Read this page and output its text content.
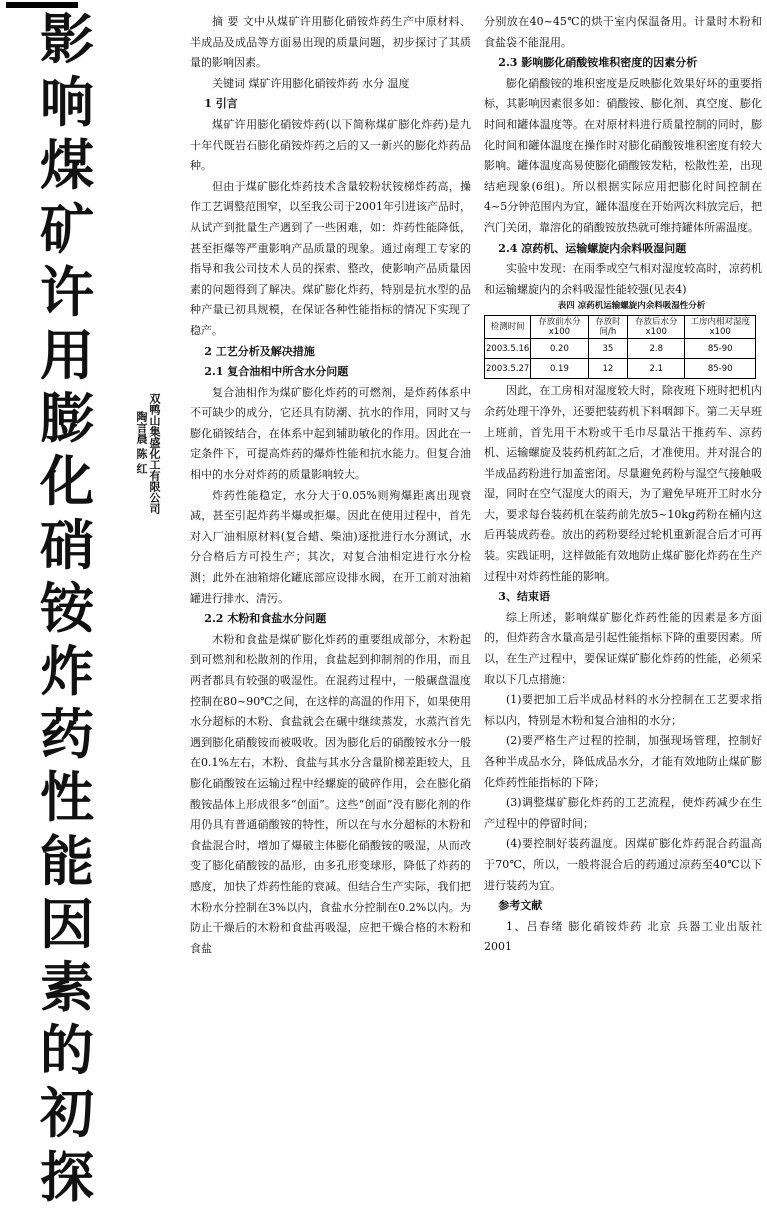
影
响
煤
矿
许
用
膨
化
硝
铵
炸
药
性
能
因
素
的
初
探
双鸭山集盛化工有限公司
陶言晨 陈 红

摘 要 文中从煤矿许用膨化硝铵炸药生产中原材料、半成品及成品等方面易出现的质量问题，初步探讨了其质量的影响因素。

关键词 煤矿许用膨化硝铵炸药 水分 温度

1 引言

煤矿许用膨化硝铵炸药(以下简称煤矿膨化炸药)是九十年代既岩石膨化硝铵炸药之后的又一新兴的膨化炸药品种。

但由于煤矿膨化炸药技术含量较粉状铵梯炸药高，操作工艺调整范围窄，以至我公司于2001年引进该产品时，从试产到批量生产遇到了一些困难，如：炸药性能降低，甚至拒爆等严重影响产品质量的现象。通过南理工专家的指导和我公司技术人员的探索、整改，使影响产品质量因素的问题得到了解决。煤矿膨化炸药，特别是抗水型的品种产量已初具规模，在保证各种性能指标的情况下实现了稳产。

2 工艺分析及解决措施

2.1 复合油相中所含水分问题

复合油相作为煤矿膨化炸药的可燃剂，是炸药体系中不可缺少的成分，它还具有防潮、抗水的作用，同时又与膨化硝铵结合，在体系中起到辅助敏化的作用。因此在一定条件下，可提高炸药的爆炸性能和抗水能力。但复合油相中的水分对炸药的质量影响较大。

炸药性能稳定，水分大于0.05%则殉爆距离出现衰减，甚至引起炸药半爆或拒爆。因此在使用过程中，首先对入厂油相原材料(复合蜡、柴油)逐批进行水分测试，水分合格后方可投生产；其次，对复合油相定进行水分检测；此外在油箱熔化罐底部应设排水阀，在开工前对油箱罐进行排水、清污。

2.2 木粉和食盐水分问题

木粉和食盐是煤矿膨化炸药的重要组成部分，木粉起到可燃剂和松散剂的作用，食盐起到抑制剂的作用，而且两者都具有较强的吸湿性。在混药过程中，一般碾盘温度控制在80~90℃之间，在这样的高温的作用下，如果使用水分超标的木粉、食盐就会在碾中继续蒸发，水蒸汽首先遇到膨化硝酸铵而被吸收。因为膨化后的硝酸铵水分一般在0.1%左右，木粉、食盐与其水分含量阶梯差距较大，且膨化硝酸铵在运输过程中经螺旋的破碎作用，会在膨化硝酸铵晶体上形成很多“创面”。这些“创面”没有膨化剂的作用仍具有普通硝酸铵的特性，所以在与水分超标的木粉和食盐混合时，增加了爆破主体膨化硝酸铵的吸湿，从而改变了膨化硝酸铵的晶形，由多孔形变球形，降低了炸药的感度，加快了炸药性能的衰减。但结合生产实际，我们把木粉水分控制在3%以内，食盐水分控制在0.2%以内。为防止干燥后的木粉和食盐再吸湿，应把干燥合格的木粉和食盐

分别放在40~45℃的烘干室内保温备用。计量时木粉和食盐袋不能混用。

2.3 影响膨化硝酸铵堆积密度的因素分析

膨化硝酸铵的堆积密度是反映膨化效果好坏的重要指标，其影响因素很多如：硝酸铵、膨化剂、真空度、膨化时间和罐体温度等。在对原材料进行质量控制的同时，膨化时间和罐体温度在操作时对膨化硝酸铵堆积密度有较大影响。罐体温度高易使膨化硝酸铵发粘，松散性差，出现结疤现象(6组)。所以根据实际应用把膨化时间控制在4~5分钟范围内为宜，罐体温度在开始两次料放完后，把汽门关闭，靠溶化的硝酸铵放热就可维持罐体所需温度。

2.4 凉药机、运输螺旋内余料吸湿问题

实验中发现：在雨季或空气相对湿度较高时，凉药机和运输螺旋内的余料吸湿性能较强(见表4)

表四 凉药机运输螺旋内余料吸湿性分析

检测时间	存放前水分x100	存放时间/h	存放后水分x100	工房内相对湿度x100
2003.5.16	0.20	35	2.8	85-90
2003.5.27	0.19	12	2.1	85-90

因此，在工房相对湿度较大时，除夜班下班时把机内余药处理干净外，还要把装药机下料咽卸下。第二天早班上班前，首先用干木粉或干毛巾尽量沾干推药车、凉药机、运输螺旋及装药机药缸之后，才准使用。并对混合的半成品药粉进行加盖密闭。尽量避免药粉与湿空气接触吸湿，同时在空气湿度大的雨天，为了避免早班开工时水分大，要求每台装药机在装药前先放5~10kg药粉在桶内这后再装成药卷。放出的药粉要经过轮机重新混合后才可再装。实践证明，这样做能有效地防止煤矿膨化炸药在生产过程中对炸药性能的影响。

3、结束语

综上所述，影响煤矿膨化炸药性能的因素是多方面的，但炸药含水量高是引起性能指标下降的重要因素。所以，在生产过程中，要保证煤矿膨化炸药的性能，必须采取以下几点措施：

(1)要把加工后半成品材料的水分控制在工艺要求指标以内，特别是木粉和复合油相的水分；

(2)要严格生产过程的控制，加强现场管理，控制好各种半成品水分，降低成品水分，才能有效地防止煤矿膨化炸药性能指标的下降；

(3)调整煤矿膨化炸药的工艺流程，使炸药减少在生产过程中的停留时间；

(4)要控制好装药温度。因煤矿膨化炸药混合药温高于70℃，所以，一般将混合后的药通过凉药至40℃以下进行装药为宜。

参考文献

1、吕春绪 膨化硝铵炸药 北京 兵器工业出版社 2001
